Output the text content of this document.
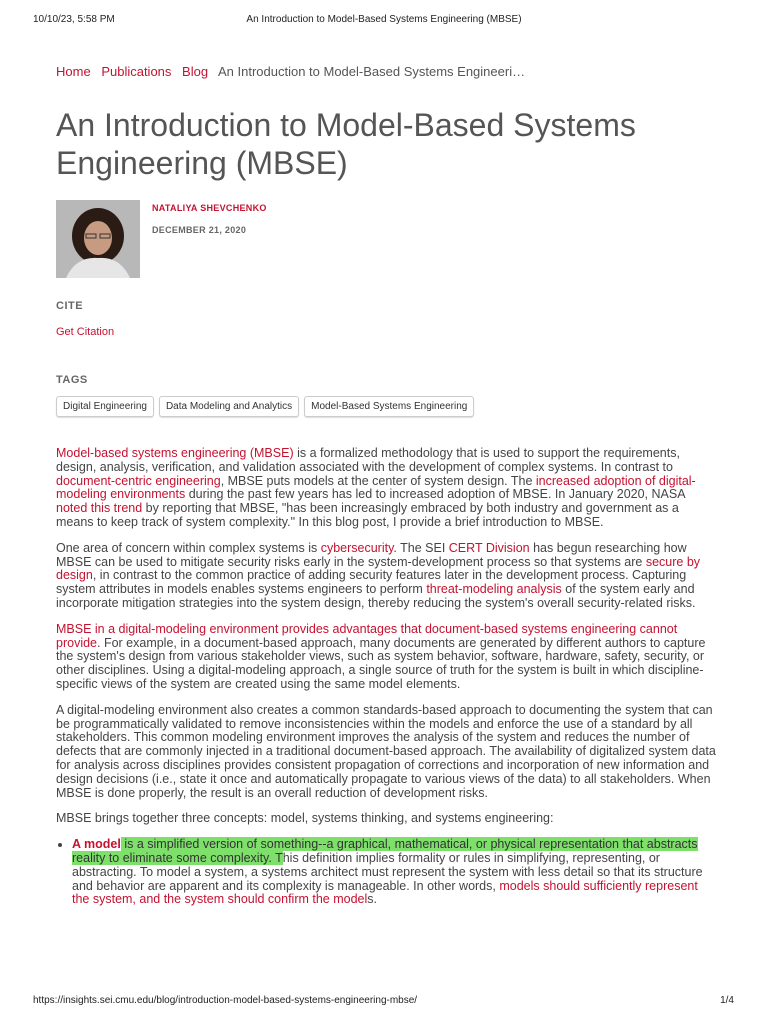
10/10/23, 5:58 PM	An Introduction to Model-Based Systems Engineering (MBSE)
Home Publications Blog An Introduction to Model-Based Systems Engineeri…
An Introduction to Model-Based Systems Engineering (MBSE)
NATALIYA SHEVCHENKO
DECEMBER 21, 2020
CITE
Get Citation
TAGS
Digital Engineering	Data Modeling and Analytics	Model-Based Systems Engineering

Model-based systems engineering (MBSE) is a formalized methodology that is used to support the requirements, design, analysis, verification, and validation associated with the development of complex systems. In contrast to document-centric engineering, MBSE puts models at the center of system design. The increased adoption of digital-modeling environments during the past few years has led to increased adoption of MBSE. In January 2020, NASA noted this trend by reporting that MBSE, "has been increasingly embraced by both industry and government as a means to keep track of system complexity." In this blog post, I provide a brief introduction to MBSE.

One area of concern within complex systems is cybersecurity. The SEI CERT Division has begun researching how MBSE can be used to mitigate security risks early in the system-development process so that systems are secure by design, in contrast to the common practice of adding security features later in the development process. Capturing system attributes in models enables systems engineers to perform threat-modeling analysis of the system early and incorporate mitigation strategies into the system design, thereby reducing the system's overall security-related risks.

MBSE in a digital-modeling environment provides advantages that document-based systems engineering cannot provide. For example, in a document-based approach, many documents are generated by different authors to capture the system's design from various stakeholder views, such as system behavior, software, hardware, safety, security, or other disciplines. Using a digital-modeling approach, a single source of truth for the system is built in which discipline-specific views of the system are created using the same model elements.

A digital-modeling environment also creates a common standards-based approach to documenting the system that can be programmatically validated to remove inconsistencies within the models and enforce the use of a standard by all stakeholders. This common modeling environment improves the analysis of the system and reduces the number of defects that are commonly injected in a traditional document-based approach. The availability of digitalized system data for analysis across disciplines provides consistent propagation of corrections and incorporation of new information and design decisions (i.e., state it once and automatically propagate to various views of the data) to all stakeholders. When MBSE is done properly, the result is an overall reduction of development risks.

MBSE brings together three concepts: model, systems thinking, and systems engineering:

• A model is a simplified version of something--a graphical, mathematical, or physical representation that abstracts reality to eliminate some complexity. This definition implies formality or rules in simplifying, representing, or abstracting. To model a system, a systems architect must represent the system with less detail so that its structure and behavior are apparent and its complexity is manageable. In other words, models should sufficiently represent the system, and the system should confirm the models.
https://insights.sei.cmu.edu/blog/introduction-model-based-systems-engineering-mbse/	1/4
